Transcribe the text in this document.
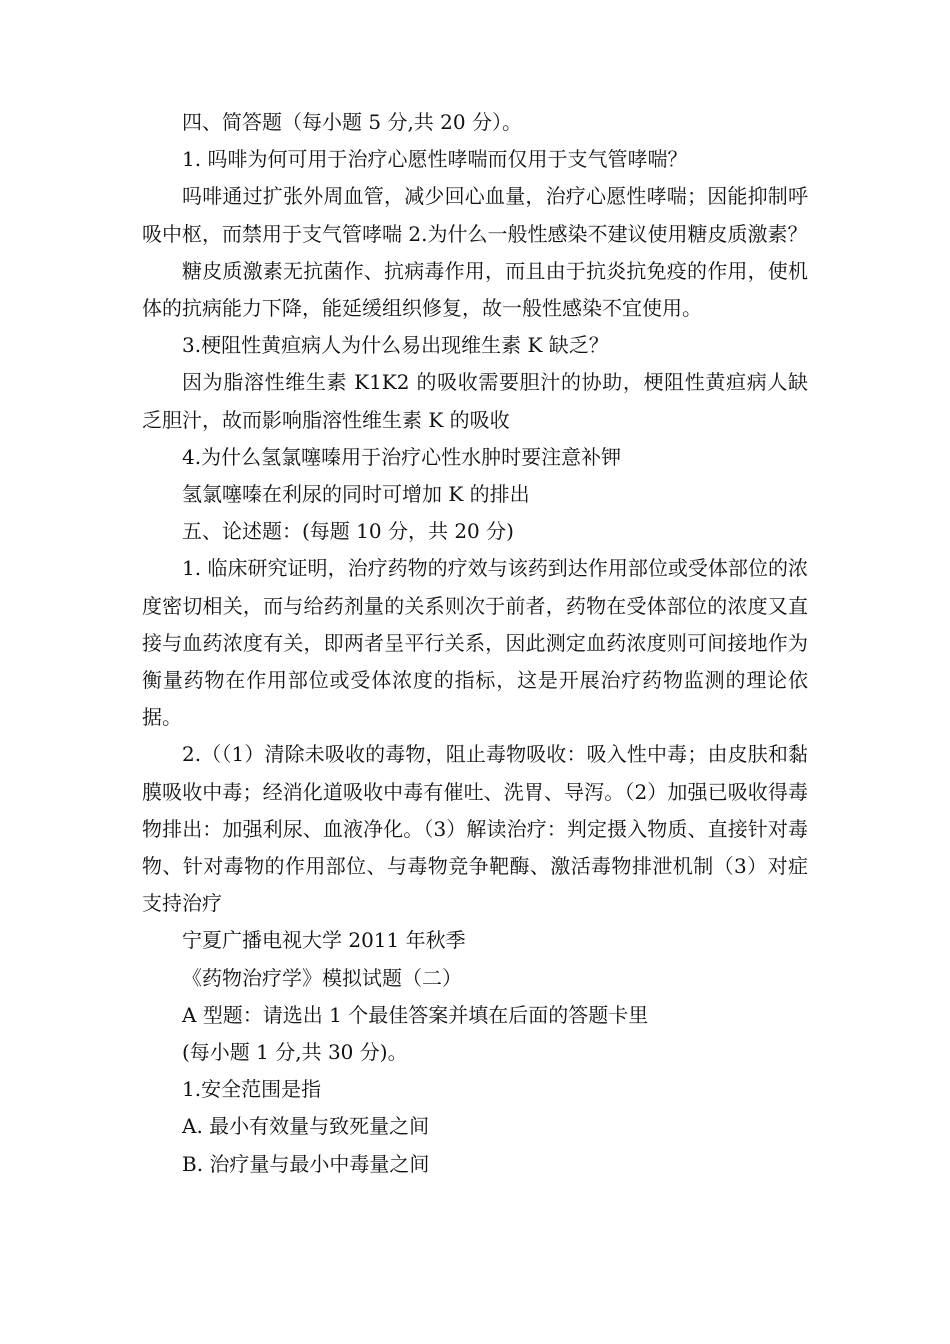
四、简答题（每小题 5 分,共 20 分）。

1. 吗啡为何可用于治疗心愿性哮喘而仅用于支气管哮喘？

吗啡通过扩张外周血管，减少回心血量，治疗心愿性哮喘；因能抑制呼吸中枢，而禁用于支气管哮喘 2.为什么一般性感染不建议使用糖皮质激素？

糖皮质激素无抗菌作、抗病毒作用，而且由于抗炎抗免疫的作用，使机体的抗病能力下降，能延缓组织修复，故一般性感染不宜使用。

3.梗阻性黄疸病人为什么易出现维生素 K 缺乏？

因为脂溶性维生素 K1K2 的吸收需要胆汁的协助，梗阻性黄疸病人缺乏胆汁，故而影响脂溶性维生素 K 的吸收

4.为什么氢氯噻嗪用于治疗心性水肿时要注意补钾

氢氯噻嗪在利尿的同时可增加 K 的排出

五、论述题：(每题 10 分，共 20 分)

1. 临床研究证明，治疗药物的疗效与该药到达作用部位或受体部位的浓度密切相关，而与给药剂量的关系则次于前者，药物在受体部位的浓度又直接与血药浓度有关，即两者呈平行关系，因此测定血药浓度则可间接地作为衡量药物在作用部位或受体浓度的指标，这是开展治疗药物监测的理论依据。

2.（（1）清除未吸收的毒物，阻止毒物吸收：吸入性中毒；由皮肤和黏膜吸收中毒；经消化道吸收中毒有催吐、洗胃、导泻。（2）加强已吸收得毒物排出：加强利尿、血液净化。（3）解读治疗：判定摄入物质、直接针对毒物、针对毒物的作用部位、与毒物竞争靶酶、激活毒物排泄机制（3）对症支持治疗

宁夏广播电视大学 2011 年秋季

《药物治疗学》模拟试题（二）

A 型题：请选出 1 个最佳答案并填在后面的答题卡里

(每小题 1 分,共 30 分)。

1.安全范围是指

A. 最小有效量与致死量之间

B. 治疗量与最小中毒量之间
